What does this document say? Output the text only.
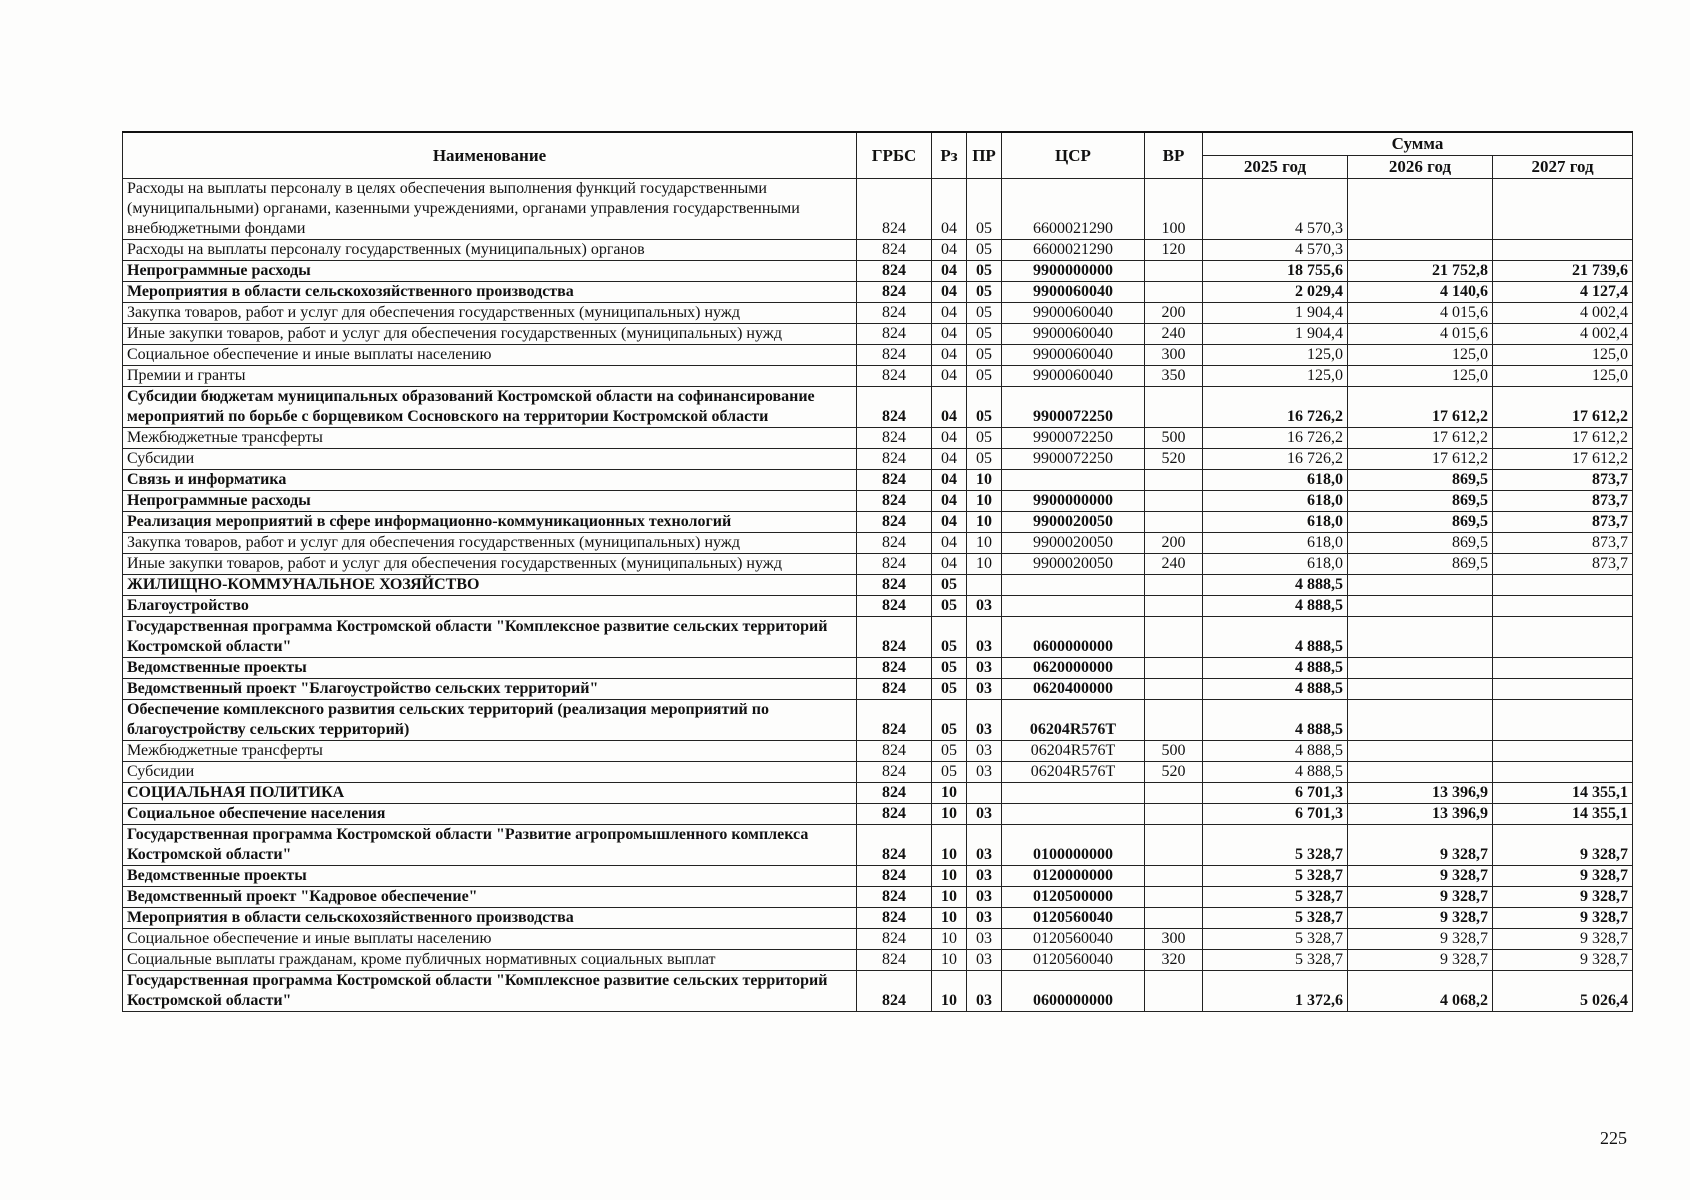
Наименование	ГРБС	Рз	ПР	ЦСР	ВР	Сумма		
						2025 год	2026 год	2027 год
Расходы на выплаты персоналу в целях обеспечения выполнения функций государственными (муниципальными) органами, казенными учреждениями, органами управления государственными внебюджетными фондами	824	04	05	6600021290	100	4 570,3		
Расходы на выплаты персоналу государственных (муниципальных) органов	824	04	05	6600021290	120	4 570,3		
Непрограммные расходы	824	04	05	9900000000		18 755,6	21 752,8	21 739,6
Мероприятия в области сельскохозяйственного производства	824	04	05	9900060040		2 029,4	4 140,6	4 127,4
Закупка товаров, работ и услуг для обеспечения государственных (муниципальных) нужд	824	04	05	9900060040	200	1 904,4	4 015,6	4 002,4
Иные закупки товаров, работ и услуг для обеспечения государственных (муниципальных) нужд	824	04	05	9900060040	240	1 904,4	4 015,6	4 002,4
Социальное обеспечение и иные выплаты населению	824	04	05	9900060040	300	125,0	125,0	125,0
Премии и гранты	824	04	05	9900060040	350	125,0	125,0	125,0
Субсидии бюджетам муниципальных образований Костромской области на софинансирование мероприятий по борьбе с борщевиком Сосновского на территории Костромской области	824	04	05	9900072250		16 726,2	17 612,2	17 612,2
Межбюджетные трансферты	824	04	05	9900072250	500	16 726,2	17 612,2	17 612,2
Субсидии	824	04	05	9900072250	520	16 726,2	17 612,2	17 612,2
Связь и информатика	824	04	10			618,0	869,5	873,7
Непрограммные расходы	824	04	10	9900000000		618,0	869,5	873,7
Реализация мероприятий в сфере информационно-коммуникационных технологий	824	04	10	9900020050		618,0	869,5	873,7
Закупка товаров, работ и услуг для обеспечения государственных (муниципальных) нужд	824	04	10	9900020050	200	618,0	869,5	873,7
Иные закупки товаров, работ и услуг для обеспечения государственных (муниципальных) нужд	824	04	10	9900020050	240	618,0	869,5	873,7
ЖИЛИЩНО-КОММУНАЛЬНОЕ ХОЗЯЙСТВО	824	05				4 888,5		
Благоустройство	824	05	03			4 888,5		
Государственная программа Костромской области "Комплексное развитие сельских территорий Костромской области"	824	05	03	0600000000		4 888,5		
Ведомственные проекты	824	05	03	0620000000		4 888,5		
Ведомственный проект "Благоустройство сельских территорий"	824	05	03	0620400000		4 888,5		
Обеспечение комплексного развития сельских территорий (реализация мероприятий по благоустройству сельских территорий)	824	05	03	06204R576T		4 888,5		
Межбюджетные трансферты	824	05	03	06204R576T	500	4 888,5		
Субсидии	824	05	03	06204R576T	520	4 888,5		
СОЦИАЛЬНАЯ ПОЛИТИКА	824	10				6 701,3	13 396,9	14 355,1
Социальное обеспечение населения	824	10	03			6 701,3	13 396,9	14 355,1
Государственная программа Костромской области "Развитие агропромышленного комплекса Костромской области"	824	10	03	0100000000		5 328,7	9 328,7	9 328,7
Ведомственные проекты	824	10	03	0120000000		5 328,7	9 328,7	9 328,7
Ведомственный проект "Кадровое обеспечение"	824	10	03	0120500000		5 328,7	9 328,7	9 328,7
Мероприятия в области сельскохозяйственного производства	824	10	03	0120560040		5 328,7	9 328,7	9 328,7
Социальное обеспечение и иные выплаты населению	824	10	03	0120560040	300	5 328,7	9 328,7	9 328,7
Социальные выплаты гражданам, кроме публичных нормативных социальных выплат	824	10	03	0120560040	320	5 328,7	9 328,7	9 328,7
Государственная программа Костромской области "Комплексное развитие сельских территорий Костромской области"	824	10	03	0600000000		1 372,6	4 068,2	5 026,4
225
